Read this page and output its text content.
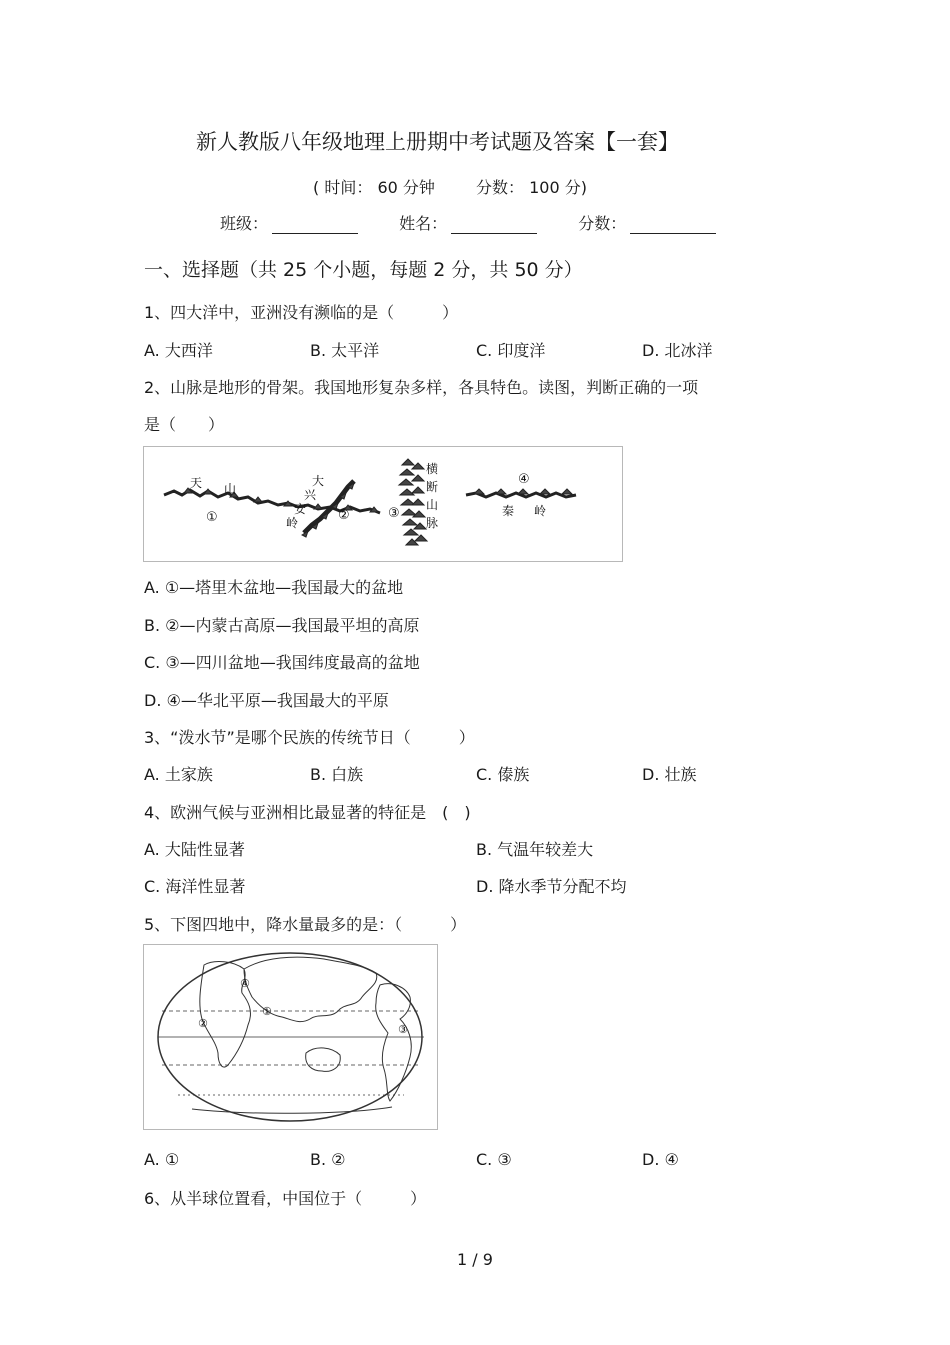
新人教版八年级地理上册期中考试题及答案【一套】
( 时间： 60 分钟	分数： 100 分)
班级：	姓名：	分数：
一、选择题（共 25 个小题，每题 2 分，共 50 分）
1、四大洋中，亚洲没有濒临的是（　　　）
A. 大西洋	B. 太平洋	C. 印度洋	D. 北冰洋
2、山脉是地形的骨架。我国地形复杂多样，各具特色。读图，判断正确的一项
是（　　）
天 山
①
大
兴
安
岭	②
横
断
山
脉
③
④
秦 岭
A. ①—塔里木盆地—我国最大的盆地
B. ②—内蒙古高原—我国最平坦的高原
C. ③—四川盆地—我国纬度最高的盆地
D. ④—华北平原—我国最大的平原
3、“泼水节”是哪个民族的传统节日（　　　）
A. 土家族	B. 白族	C. 傣族	D. 壮族
4、欧洲气候与亚洲相比最显著的特征是　(　)
A. 大陆性显著	B. 气温年较差大
C. 海洋性显著	D. 降水季节分配不均
5、下图四地中，降水量最多的是：（　　　）
④
②
①
③
A. ①	B. ②	C. ③	D. ④
6、从半球位置看，中国位于（　　　）
1 / 9
